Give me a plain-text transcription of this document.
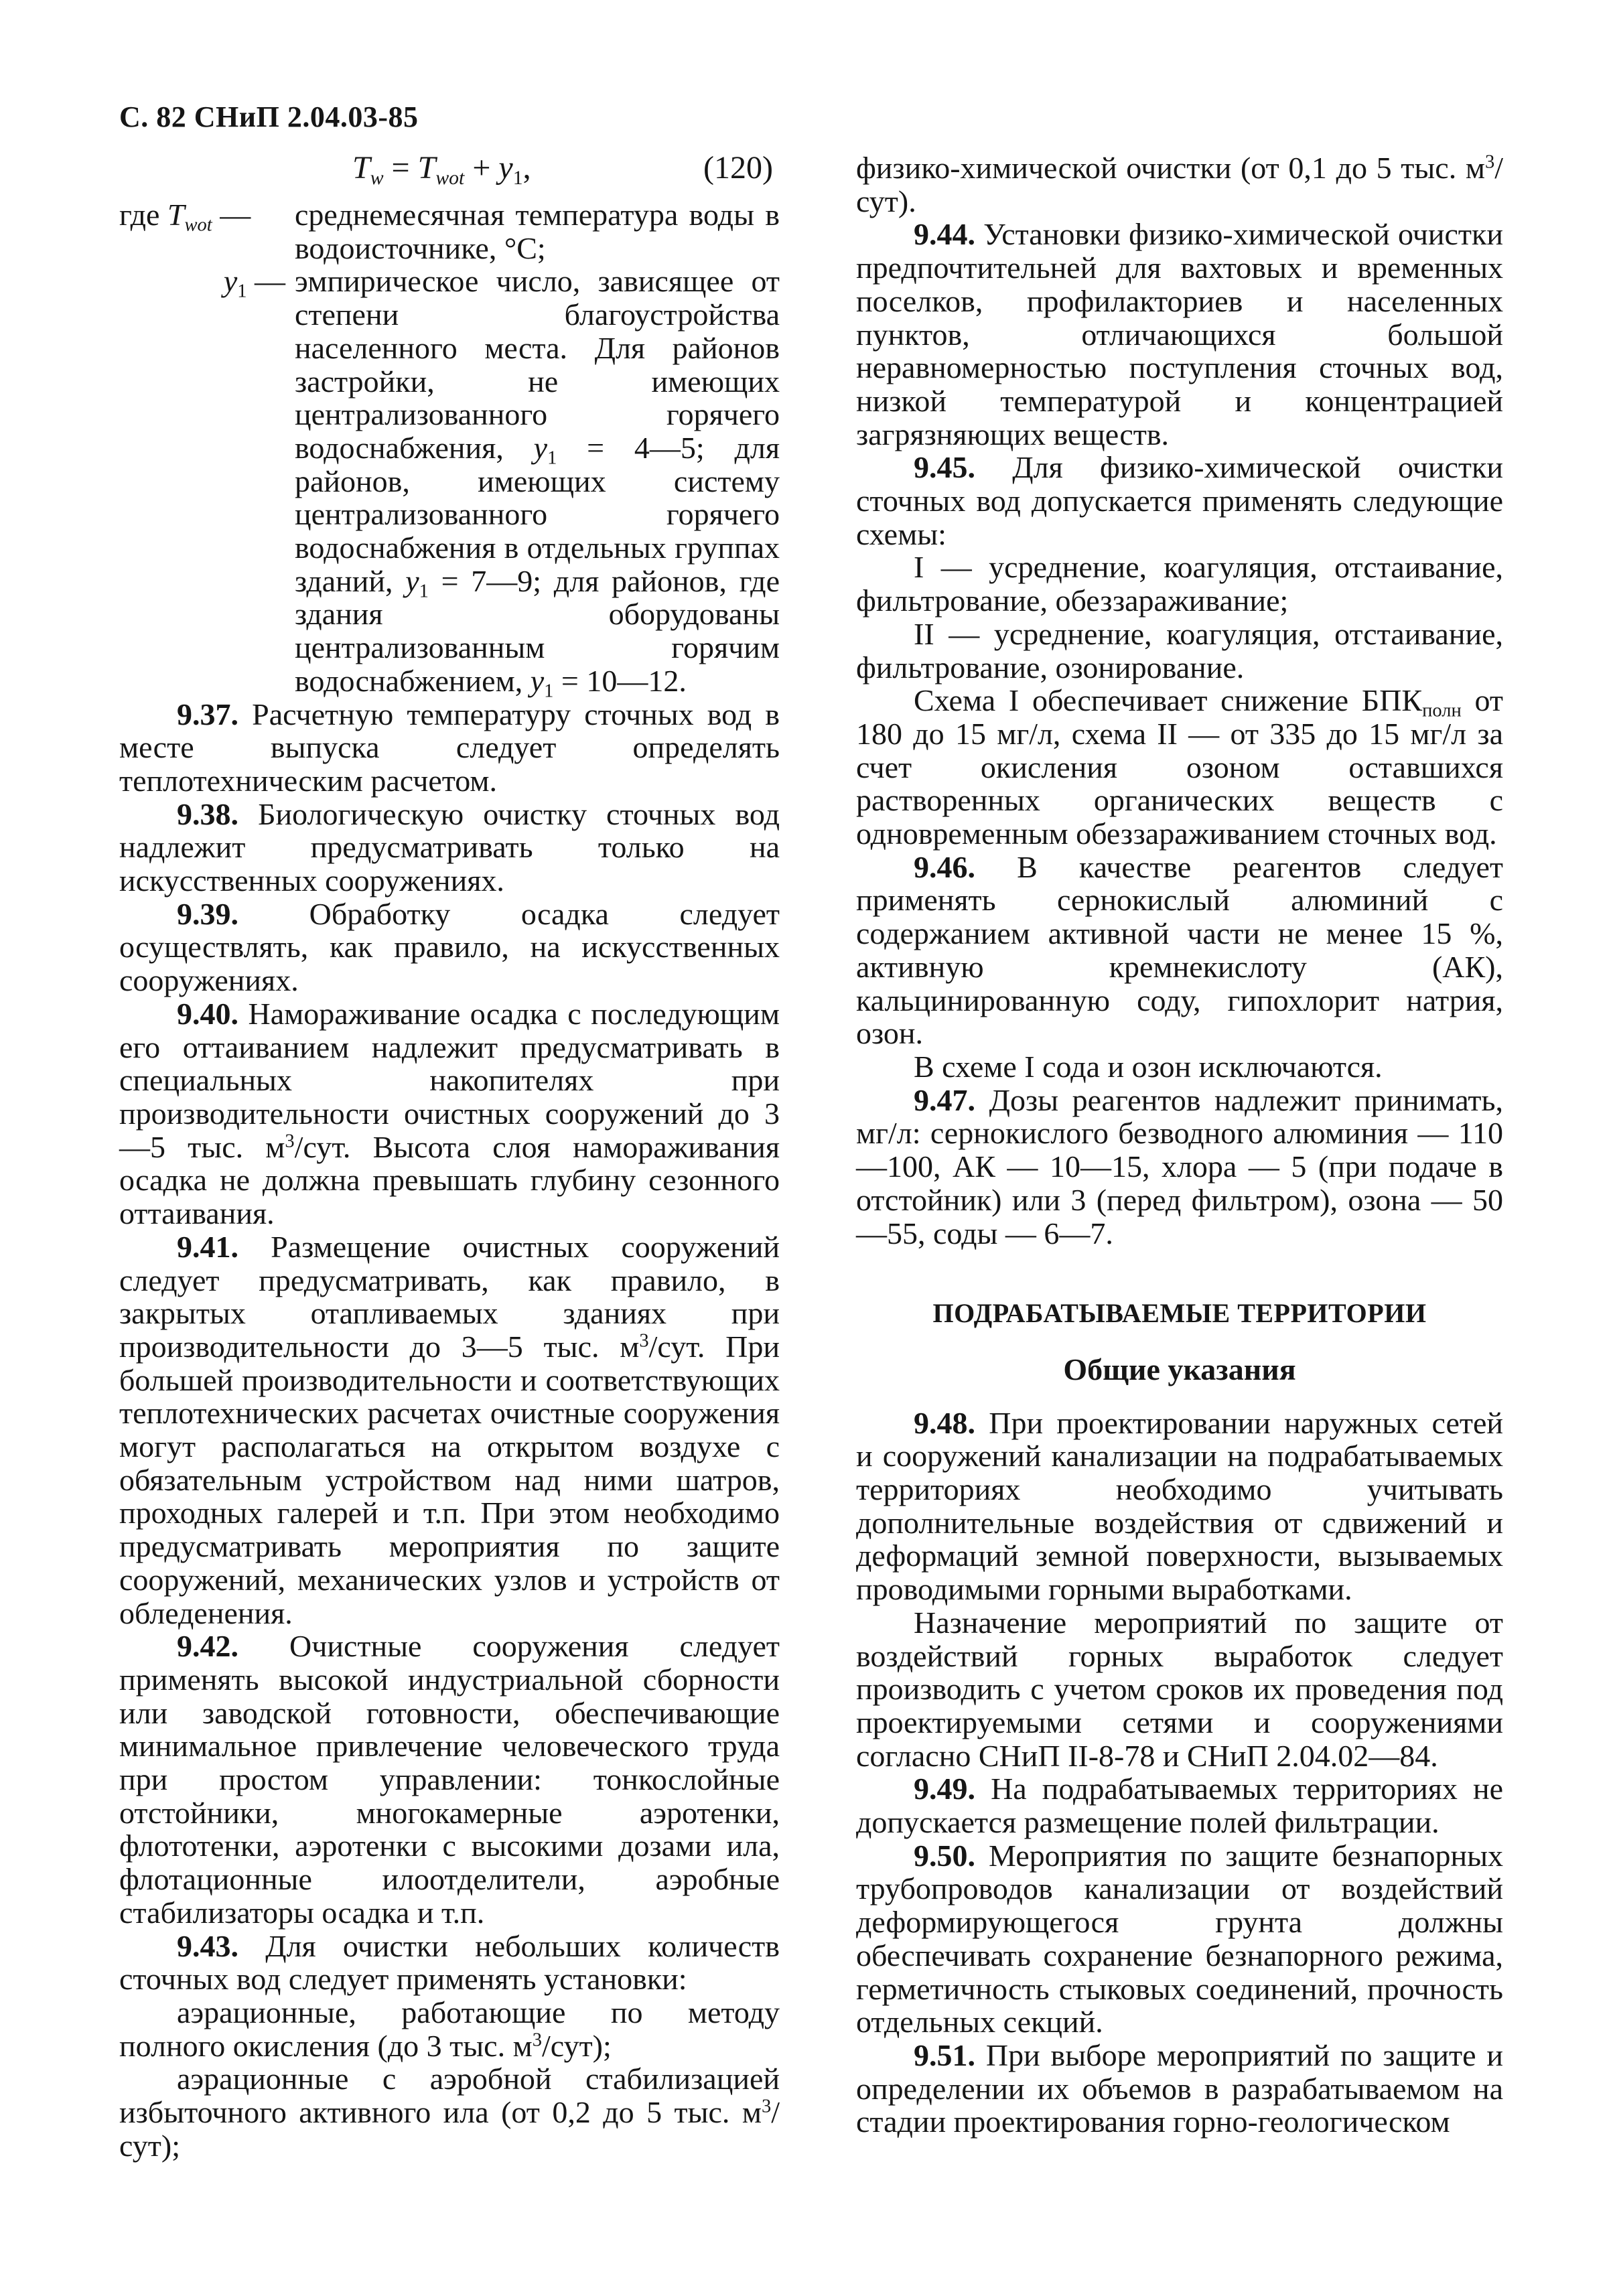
С. 82 СНиП 2.04.03-85
$T_w = T_{wot} + y_1$,	(120)
где $T_{wot}$ —	среднемесячная температура воды в водоисточнике, °С;
$y_1$ — эмпирическое число, зависящее от степени благоустройства населенного места. Для районов застройки, не имеющих централизованного горячего водоснабжения, $y_1$ = 4—5; для районов, имеющих систему централизованного горячего водоснабжения в отдельных группах зданий, $y_1$ = 7—9; для районов, где здания оборудованы централизованным горячим водоснабжением, $y_1$ = 10—12.

9.37. Расчетную температуру сточных вод в месте выпуска следует определять теплотехническим расчетом.

9.38. Биологическую очистку сточных вод надлежит предусматривать только на искусственных сооружениях.

9.39. Обработку осадка следует осуществлять, как правило, на искусственных сооружениях.

9.40. Намораживание осадка с последующим его оттаиванием надлежит предусматривать в специальных накопителях при производительности очистных сооружений до 3—5 тыс. $м^3$/сут. Высота слоя намораживания осадка не должна превышать глубину сезонного оттаивания.

9.41. Размещение очистных сооружений следует предусматривать, как правило, в закрытых отапливаемых зданиях при производительности до 3—5 тыс. $м^3$/сут. При большей производительности и соответствующих теплотехнических расчетах очистные сооружения могут располагаться на открытом воздухе с обязательным устройством над ними шатров, проходных галерей и т.п. При этом необходимо предусматривать мероприятия по защите сооружений, механических узлов и устройств от обледенения.

9.42. Очистные сооружения следует применять высокой индустриальной сборности или заводской готовности, обеспечивающие минимальное привлечение человеческого труда при простом управлении: тонкослойные отстойники, многокамерные аэротенки, флототенки, аэротенки с высокими дозами ила, флотационные илоотделители, аэробные стабилизаторы осадка и т.п.

9.43. Для очистки небольших количеств сточных вод следует применять установки:

аэрационные, работающие по методу полного окисления (до 3 тыс. $м^3/сут$);

аэрационные с аэробной стабилизацией избыточного активного ила (от 0,2 до 5 тыс. $м^3/сут$);

физико-химической очистки (от 0,1 до 5 тыс. $м^3/сут$).

9.44. Установки физико-химической очистки предпочтительней для вахтовых и временных поселков, профилакториев и населенных пунктов, отличающихся большой неравномерностью поступления сточных вод, низкой температурой и концентрацией загрязняющих веществ.

9.45. Для физико-химической очистки сточных вод допускается применять следующие схемы:

I — усреднение, коагуляция, отстаивание, фильтрование, обеззараживание;

II — усреднение, коагуляция, отстаивание, фильтрование, озонирование.

Схема I обеспечивает снижение $БПК_{полн}$ от 180 до 15 мг/л, схема II — от 335 до 15 мг/л за счет окисления озоном оставшихся растворенных органических веществ с одновременным обеззараживанием сточных вод.

9.46. В качестве реагентов следует применять сернокислый алюминий с содержанием активной части не менее 15 %, активную кремнекислоту (АК), кальцинированную соду, гипохлорит натрия, озон.

В схеме I сода и озон исключаются.

9.47. Дозы реагентов надлежит принимать, мг/л: сернокислого безводного алюминия — 110—100, АК — 10—15, хлора — 5 (при подаче в отстойник) или 3 (перед фильтром), озона — 50—55, соды — 6—7.

ПОДРАБАТЫВАЕМЫЕ ТЕРРИТОРИИ
Общие указания

9.48. При проектировании наружных сетей и сооружений канализации на подрабатываемых территориях необходимо учитывать дополнительные воздействия от сдвижений и деформаций земной поверхности, вызываемых проводимыми горными выработками.

Назначение мероприятий по защите от воздействий горных выработок следует производить с учетом сроков их проведения под проектируемыми сетями и сооружениями согласно СНиП II-8-78 и СНиП 2.04.02—84.

9.49. На подрабатываемых территориях не допускается размещение полей фильтрации.

9.50. Мероприятия по защите безнапорных трубопроводов канализации от воздействий деформирующегося грунта должны обеспечивать сохранение безнапорного режима, герметичность стыковых соединений, прочность отдельных секций.

9.51. При выборе мероприятий по защите и определении их объемов в разрабатываемом на стадии проектирования горно-геологическом
